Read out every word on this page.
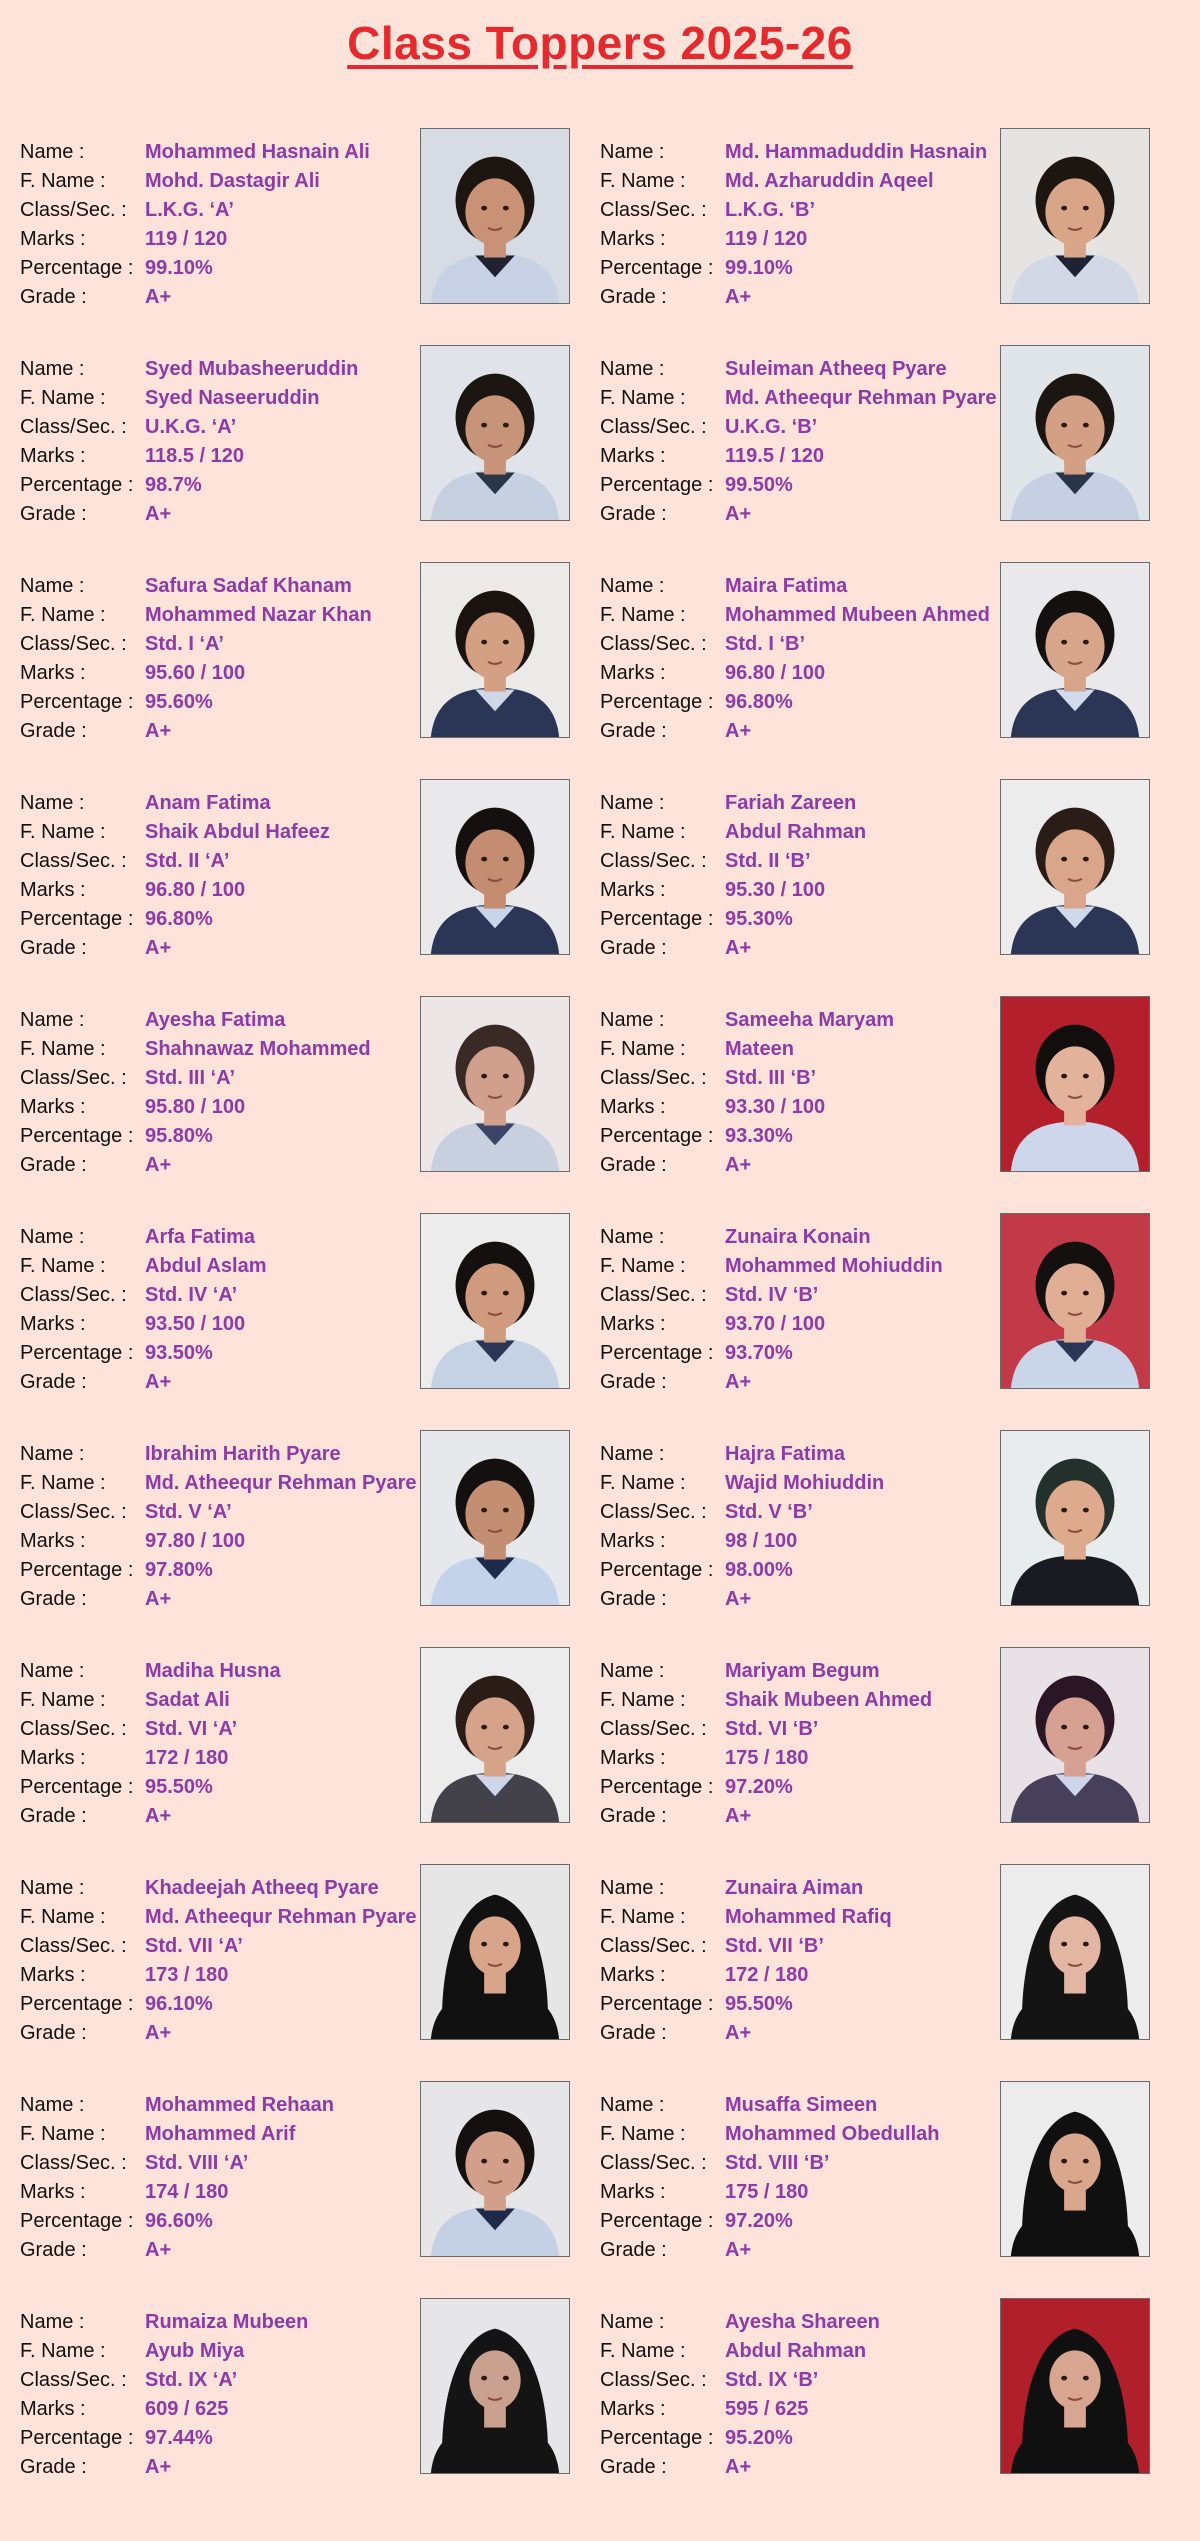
Class Toppers 2025-26
Name :	Mohammed Hasnain Ali
F. Name : Mohd. Dastagir Ali
Class/Sec. : L.K.G. ‘A’
Marks :	119 / 120
Percentage : 99.10%
Grade :	A+
Name :	Md. Hammaduddin Hasnain
F. Name : Md. Azharuddin Aqeel
Class/Sec. : L.K.G. ‘B’
Marks :	119 / 120
Percentage : 99.10%
Grade :	A+
Name :	Syed Mubasheeruddin
F. Name : Syed Naseeruddin
Class/Sec. : U.K.G. ‘A’
Marks :	118.5 / 120
Percentage : 98.7%
Grade :	A+
Name :	Suleiman Atheeq Pyare
F. Name : Md. Atheequr Rehman Pyare
Class/Sec. : U.K.G. ‘B’
Marks :	119.5 / 120
Percentage : 99.50%
Grade :	A+
Name :	Safura Sadaf Khanam
F. Name : Mohammed Nazar Khan
Class/Sec. : Std. I ‘A’
Marks :	95.60 / 100
Percentage : 95.60%
Grade :	A+
Name :	Maira Fatima
F. Name : Mohammed Mubeen Ahmed
Class/Sec. : Std. I ‘B’
Marks :	96.80 / 100
Percentage : 96.80%
Grade :	A+
Name :	Anam Fatima
F. Name : Shaik Abdul Hafeez
Class/Sec. : Std. II ‘A’
Marks :	96.80 / 100
Percentage : 96.80%
Grade :	A+
Name :	Fariah Zareen
F. Name : Abdul Rahman
Class/Sec. : Std. II ‘B’
Marks :	95.30 / 100
Percentage : 95.30%
Grade :	A+
Name :	Ayesha Fatima
F. Name : Shahnawaz Mohammed
Class/Sec. : Std. III ‘A’
Marks :	95.80 / 100
Percentage : 95.80%
Grade :	A+
Name :	Sameeha Maryam
F. Name : Mateen
Class/Sec. : Std. III ‘B’
Marks :	93.30 / 100
Percentage : 93.30%
Grade :	A+
Name :	Arfa Fatima
F. Name : Abdul Aslam
Class/Sec. : Std. IV ‘A’
Marks :	93.50 / 100
Percentage : 93.50%
Grade :	A+
Name :	Zunaira Konain
F. Name : Mohammed Mohiuddin
Class/Sec. : Std. IV ‘B’
Marks :	93.70 / 100
Percentage : 93.70%
Grade :	A+
Name :	Ibrahim Harith Pyare
F. Name : Md. Atheequr Rehman Pyare
Class/Sec. : Std. V ‘A’
Marks :	97.80 / 100
Percentage : 97.80%
Grade :	A+
Name :	Hajra Fatima
F. Name : Wajid Mohiuddin
Class/Sec. : Std. V ‘B’
Marks :	98 / 100
Percentage : 98.00%
Grade :	A+
Name :	Madiha Husna
F. Name : Sadat Ali
Class/Sec. : Std. VI ‘A’
Marks :	172 / 180
Percentage : 95.50%
Grade :	A+
Name :	Mariyam Begum
F. Name : Shaik Mubeen Ahmed
Class/Sec. : Std. VI ‘B’
Marks :	175 / 180
Percentage : 97.20%
Grade :	A+
Name :	Khadeejah Atheeq Pyare
F. Name : Md. Atheequr Rehman Pyare
Class/Sec. : Std. VII ‘A’
Marks :	173 / 180
Percentage : 96.10%
Grade :	A+
Name :	Zunaira Aiman
F. Name : Mohammed Rafiq
Class/Sec. : Std. VII ‘B’
Marks :	172 / 180
Percentage : 95.50%
Grade :	A+
Name :	Mohammed Rehaan
F. Name : Mohammed Arif
Class/Sec. : Std. VIII ‘A’
Marks :	174 / 180
Percentage : 96.60%
Grade :	A+
Name :	Musaffa Simeen
F. Name : Mohammed Obedullah
Class/Sec. : Std. VIII ‘B’
Marks :	175 / 180
Percentage : 97.20%
Grade :	A+
Name :	Rumaiza Mubeen
F. Name : Ayub Miya
Class/Sec. : Std. IX ‘A’
Marks :	609 / 625
Percentage : 97.44%
Grade :	A+
Name :	Ayesha Shareen
F. Name : Abdul Rahman
Class/Sec. : Std. IX ‘B’
Marks :	595 / 625
Percentage : 95.20%
Grade :	A+
